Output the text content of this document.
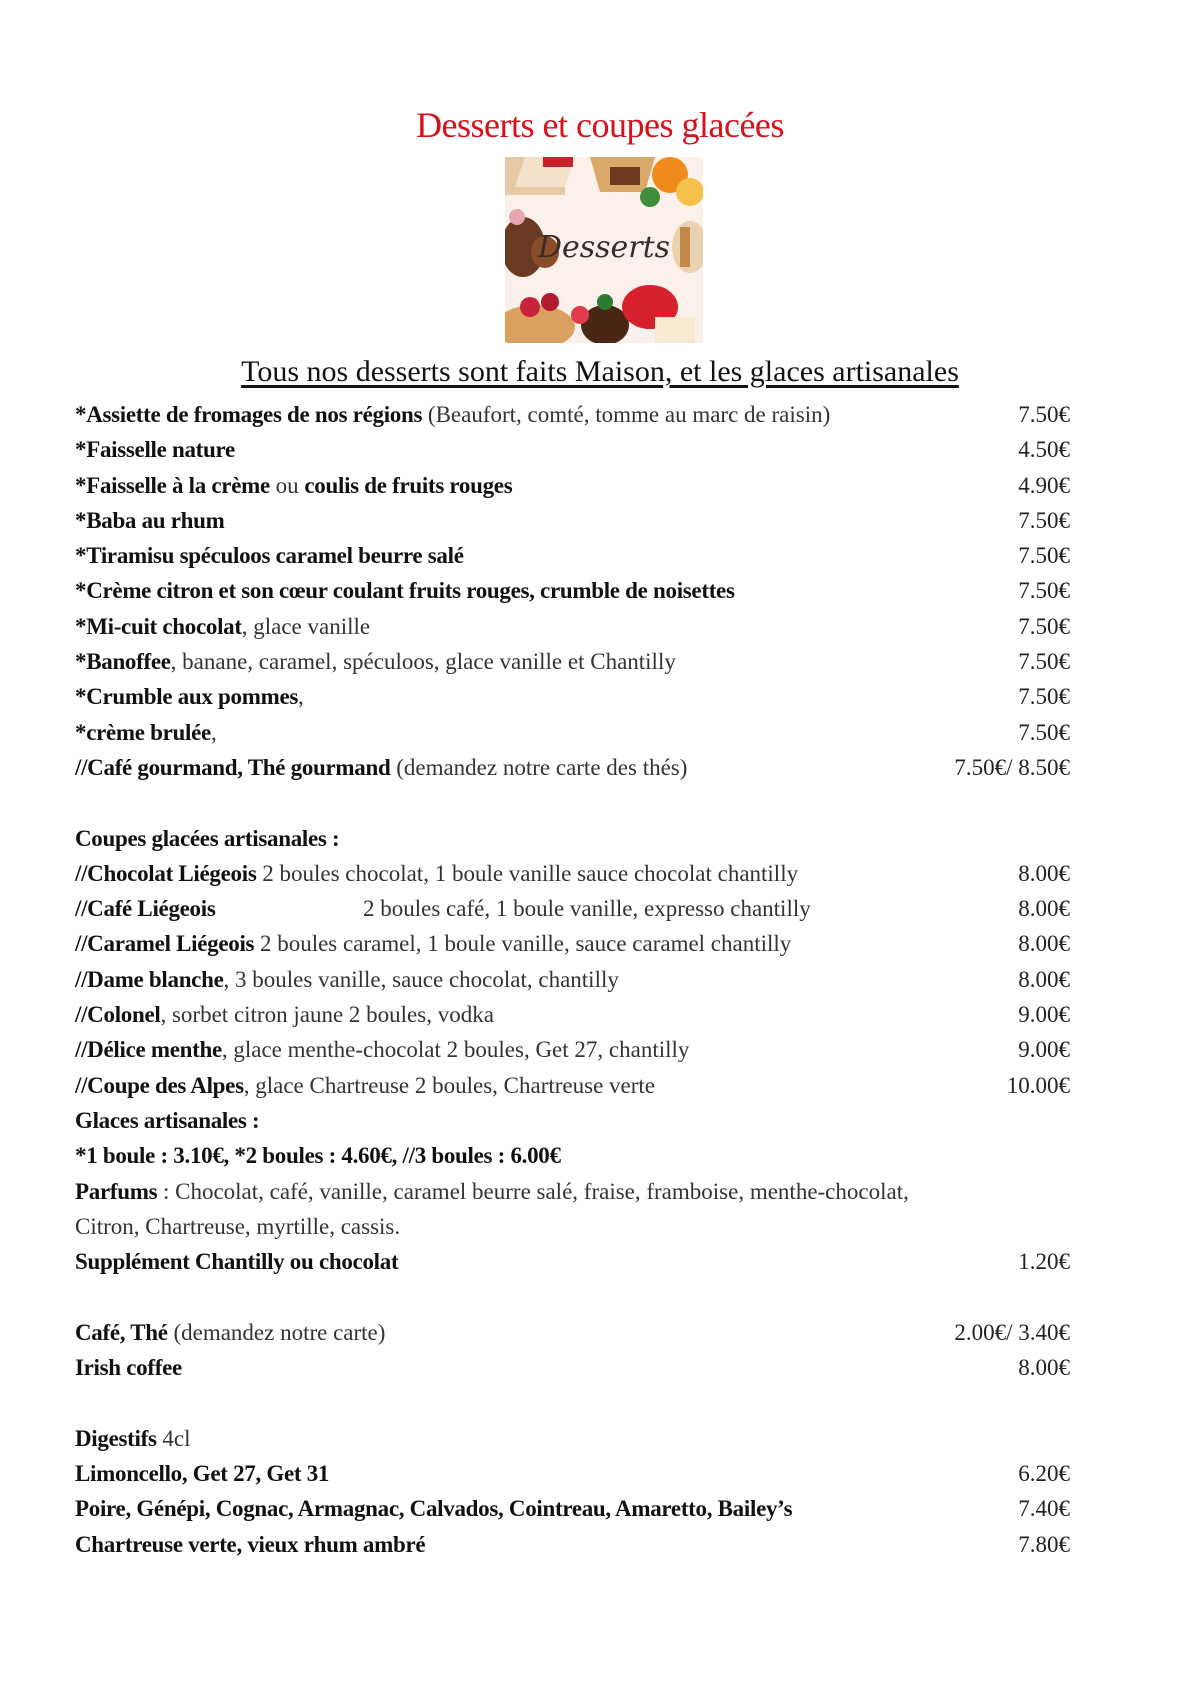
Desserts et coupes glacées
Desserts
Tous nos desserts sont faits Maison, et les glaces artisanales
*Assiette de fromages de nos régions (Beaufort, comté, tomme au marc de raisin)	7.50€
*Faisselle nature	4.50€
*Faisselle à la crème ou coulis de fruits rouges	4.90€
*Baba au rhum	7.50€
*Tiramisu spéculoos caramel beurre salé	7.50€
*Crème citron et son cœur coulant fruits rouges, crumble de noisettes	7.50€
*Mi-cuit chocolat, glace vanille	7.50€
*Banoffee, banane, caramel, spéculoos, glace vanille et Chantilly	7.50€
*Crumble aux pommes,	7.50€
*crème brulée,	7.50€
//Café gourmand, Thé gourmand (demandez notre carte des thés)	7.50€/ 8.50€
Coupes glacées artisanales :
//Chocolat Liégeois 2 boules chocolat, 1 boule vanille sauce chocolat chantilly	8.00€
//Café Liégeois	2 boules café, 1 boule vanille, expresso chantilly	8.00€
//Caramel Liégeois 2 boules caramel, 1 boule vanille, sauce caramel chantilly	8.00€
//Dame blanche, 3 boules vanille, sauce chocolat, chantilly	8.00€
//Colonel, sorbet citron jaune 2 boules, vodka	9.00€
//Délice menthe, glace menthe-chocolat 2 boules, Get 27, chantilly	9.00€
//Coupe des Alpes, glace Chartreuse 2 boules, Chartreuse verte	10.00€
Glaces artisanales :
*1 boule : 3.10€, *2 boules : 4.60€, //3 boules : 6.00€
Parfums : Chocolat, café, vanille, caramel beurre salé, fraise, framboise, menthe-chocolat,
Citron, Chartreuse, myrtille, cassis.
Supplément Chantilly ou chocolat	1.20€
Café, Thé (demandez notre carte)	2.00€/ 3.40€
Irish coffee	8.00€
Digestifs 4cl
Limoncello, Get 27, Get 31	6.20€
Poire, Génépi, Cognac, Armagnac, Calvados, Cointreau, Amaretto, Bailey’s	7.40€
Chartreuse verte, vieux rhum ambré	7.80€
